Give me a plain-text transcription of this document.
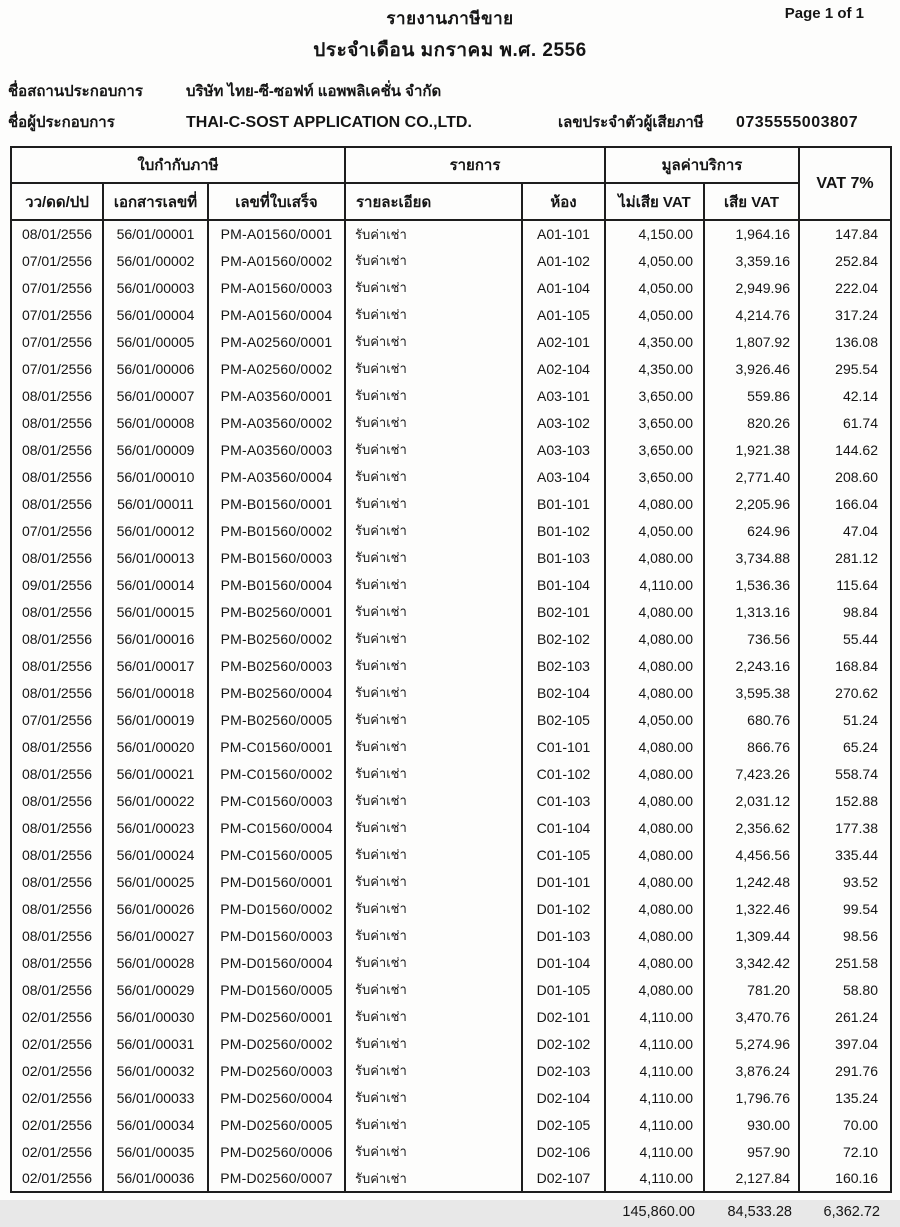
รายงานภาษีขาย
ประจำเดือน มกราคม พ.ศ. 2556
Page 1 of 1
ชื่อสถานประกอบการ	บริษัท ไทย-ซี-ซอฟท์ แอพพลิเคชั่น จำกัด
ชื่อผู้ประกอบการ	THAI-C-SOST APPLICATION CO.,LTD.	เลขประจำตัวผู้เสียภาษี	0735555003807
ใบกำกับภาษี			รายการ		มูลค่าบริการ		VAT 7%
วว/ดด/ปป	เอกสารเลขที่	เลขที่ใบเสร็จ	รายละเอียด	ห้อง	ไม่เสีย VAT	เสีย VAT	
08/01/2556	56/01/00001	PM-A01560/0001	รับค่าเช่า	A01-101	4,150.00	1,964.16	147.84
07/01/2556	56/01/00002	PM-A01560/0002	รับค่าเช่า	A01-102	4,050.00	3,359.16	252.84
07/01/2556	56/01/00003	PM-A01560/0003	รับค่าเช่า	A01-104	4,050.00	2,949.96	222.04
07/01/2556	56/01/00004	PM-A01560/0004	รับค่าเช่า	A01-105	4,050.00	4,214.76	317.24
07/01/2556	56/01/00005	PM-A02560/0001	รับค่าเช่า	A02-101	4,350.00	1,807.92	136.08
07/01/2556	56/01/00006	PM-A02560/0002	รับค่าเช่า	A02-104	4,350.00	3,926.46	295.54
08/01/2556	56/01/00007	PM-A03560/0001	รับค่าเช่า	A03-101	3,650.00	559.86	42.14
08/01/2556	56/01/00008	PM-A03560/0002	รับค่าเช่า	A03-102	3,650.00	820.26	61.74
08/01/2556	56/01/00009	PM-A03560/0003	รับค่าเช่า	A03-103	3,650.00	1,921.38	144.62
08/01/2556	56/01/00010	PM-A03560/0004	รับค่าเช่า	A03-104	3,650.00	2,771.40	208.60
08/01/2556	56/01/00011	PM-B01560/0001	รับค่าเช่า	B01-101	4,080.00	2,205.96	166.04
07/01/2556	56/01/00012	PM-B01560/0002	รับค่าเช่า	B01-102	4,050.00	624.96	47.04
08/01/2556	56/01/00013	PM-B01560/0003	รับค่าเช่า	B01-103	4,080.00	3,734.88	281.12
09/01/2556	56/01/00014	PM-B01560/0004	รับค่าเช่า	B01-104	4,110.00	1,536.36	115.64
08/01/2556	56/01/00015	PM-B02560/0001	รับค่าเช่า	B02-101	4,080.00	1,313.16	98.84
08/01/2556	56/01/00016	PM-B02560/0002	รับค่าเช่า	B02-102	4,080.00	736.56	55.44
08/01/2556	56/01/00017	PM-B02560/0003	รับค่าเช่า	B02-103	4,080.00	2,243.16	168.84
08/01/2556	56/01/00018	PM-B02560/0004	รับค่าเช่า	B02-104	4,080.00	3,595.38	270.62
07/01/2556	56/01/00019	PM-B02560/0005	รับค่าเช่า	B02-105	4,050.00	680.76	51.24
08/01/2556	56/01/00020	PM-C01560/0001	รับค่าเช่า	C01-101	4,080.00	866.76	65.24
08/01/2556	56/01/00021	PM-C01560/0002	รับค่าเช่า	C01-102	4,080.00	7,423.26	558.74
08/01/2556	56/01/00022	PM-C01560/0003	รับค่าเช่า	C01-103	4,080.00	2,031.12	152.88
08/01/2556	56/01/00023	PM-C01560/0004	รับค่าเช่า	C01-104	4,080.00	2,356.62	177.38
08/01/2556	56/01/00024	PM-C01560/0005	รับค่าเช่า	C01-105	4,080.00	4,456.56	335.44
08/01/2556	56/01/00025	PM-D01560/0001	รับค่าเช่า	D01-101	4,080.00	1,242.48	93.52
08/01/2556	56/01/00026	PM-D01560/0002	รับค่าเช่า	D01-102	4,080.00	1,322.46	99.54
08/01/2556	56/01/00027	PM-D01560/0003	รับค่าเช่า	D01-103	4,080.00	1,309.44	98.56
08/01/2556	56/01/00028	PM-D01560/0004	รับค่าเช่า	D01-104	4,080.00	3,342.42	251.58
08/01/2556	56/01/00029	PM-D01560/0005	รับค่าเช่า	D01-105	4,080.00	781.20	58.80
02/01/2556	56/01/00030	PM-D02560/0001	รับค่าเช่า	D02-101	4,110.00	3,470.76	261.24
02/01/2556	56/01/00031	PM-D02560/0002	รับค่าเช่า	D02-102	4,110.00	5,274.96	397.04
02/01/2556	56/01/00032	PM-D02560/0003	รับค่าเช่า	D02-103	4,110.00	3,876.24	291.76
02/01/2556	56/01/00033	PM-D02560/0004	รับค่าเช่า	D02-104	4,110.00	1,796.76	135.24
02/01/2556	56/01/00034	PM-D02560/0005	รับค่าเช่า	D02-105	4,110.00	930.00	70.00
02/01/2556	56/01/00035	PM-D02560/0006	รับค่าเช่า	D02-106	4,110.00	957.90	72.10
02/01/2556	56/01/00036	PM-D02560/0007	รับค่าเช่า	D02-107	4,110.00	2,127.84	160.16
					145,860.00	84,533.28	6,362.72
